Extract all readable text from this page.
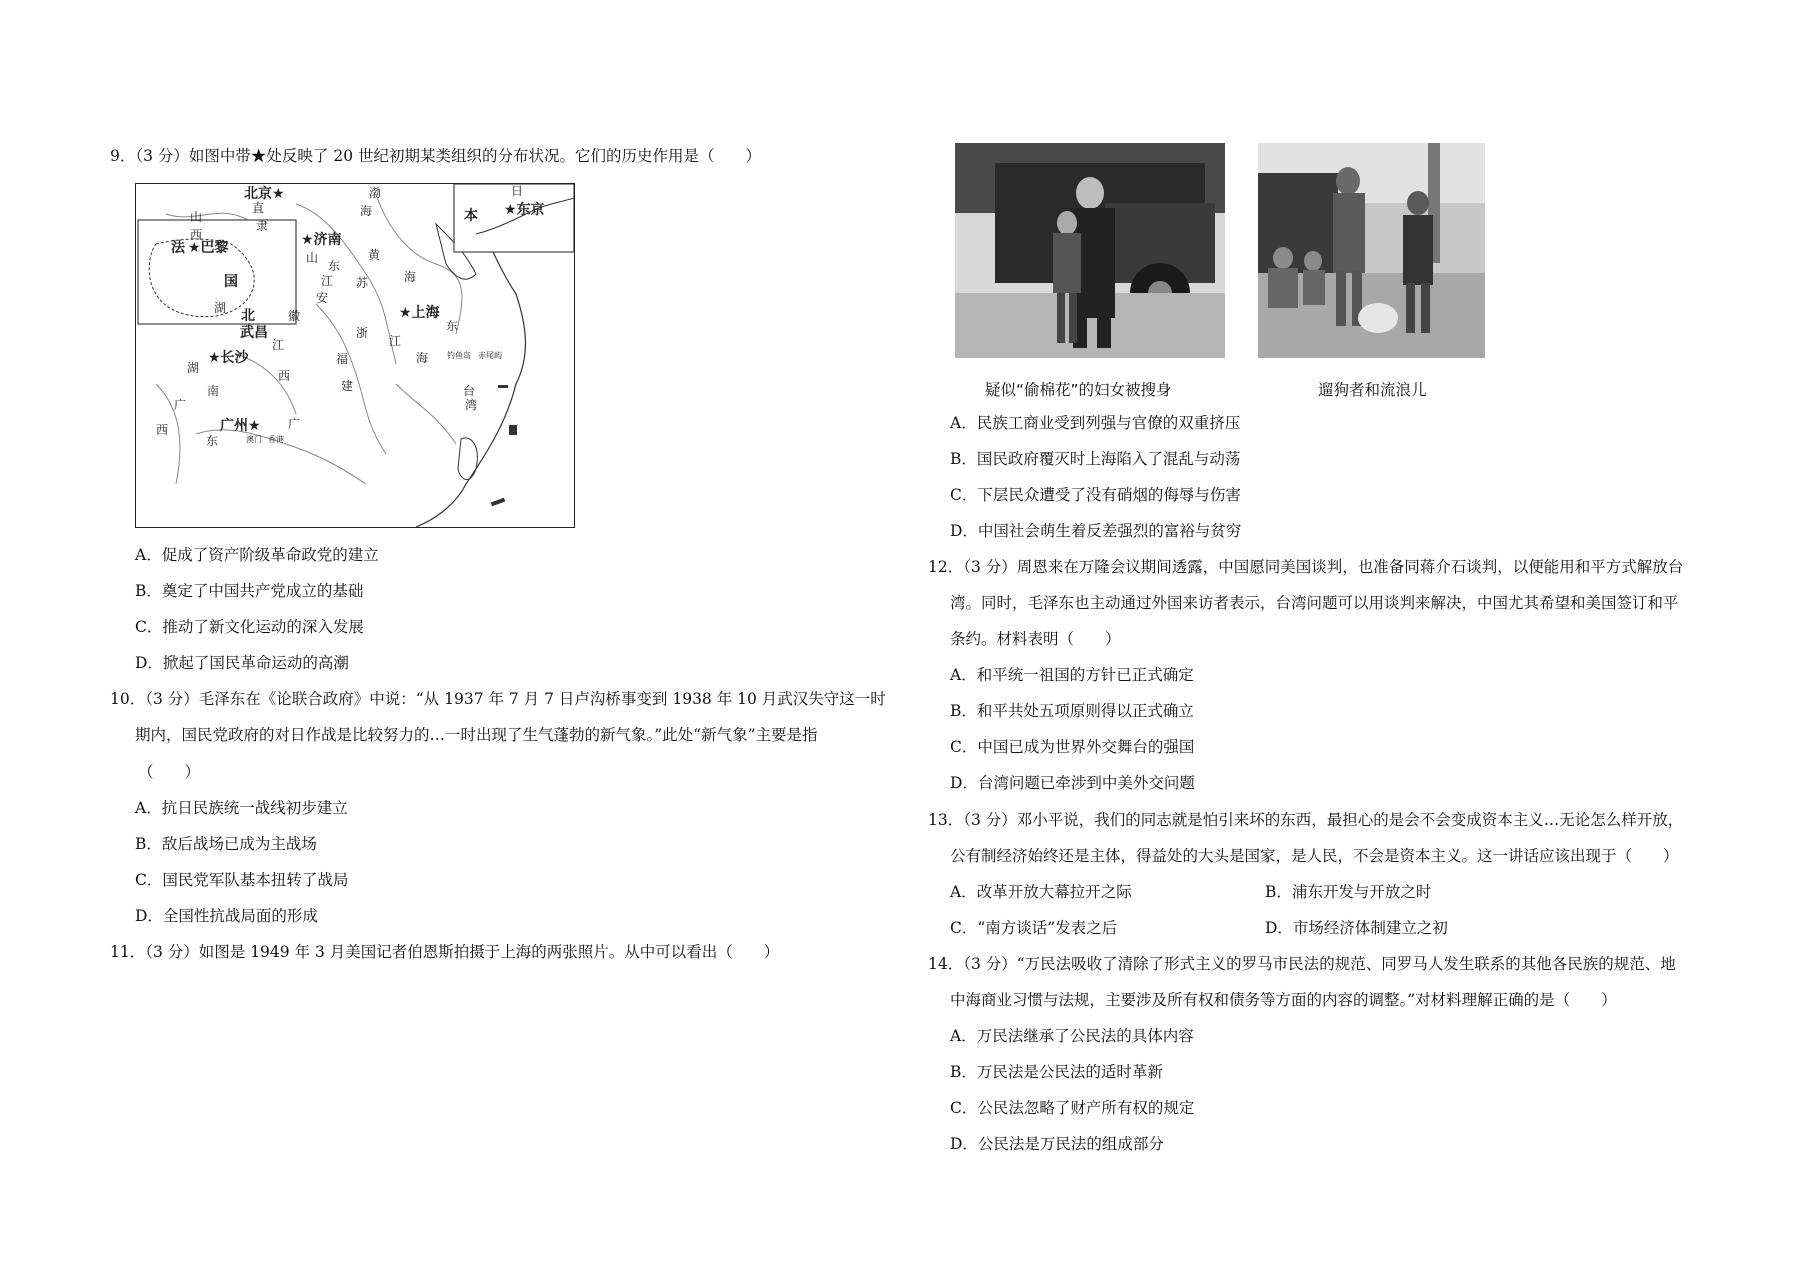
9．（3 分）如图中带★处反映了 20 世纪初期某类组织的分布状况。它们的历史作用是（　　）
北京★	渤
海
直
隶
山
西	★济南
山
东
黄
海
江 苏
安
徽	★上海
日
本 ★东京
法 ★巴黎
国
湖 北
武昌
江
西
浙
江
东
海
湖
南
★长沙	福
建
钓鱼岛 赤尾屿
台
湾
广
西	广州★ 广
东	澳门 香港
A．促成了资产阶级革命政党的建立
B．奠定了中国共产党成立的基础
C．推动了新文化运动的深入发展
D．掀起了国民革命运动的高潮
10．（3 分）毛泽东在《论联合政府》中说：“从 1937 年 7 月 7 日卢沟桥事变到 1938 年 10 月武汉失守这一时
期内，国民党政府的对日作战是比较努力的…一时出现了生气蓬勃的新气象。”此处“新气象”主要是指
（　　）
A．抗日民族统一战线初步建立
B．敌后战场已成为主战场
C．国民党军队基本扭转了战局
D．全国性抗战局面的形成
11．（3 分）如图是 1949 年 3 月美国记者伯恩斯拍摄于上海的两张照片。从中可以看出（　　）
疑似“偷棉花”的妇女被搜身	遛狗者和流浪儿
A．民族工商业受到列强与官僚的双重挤压
B．国民政府覆灭时上海陷入了混乱与动荡
C．下层民众遭受了没有硝烟的侮辱与伤害
D．中国社会萌生着反差强烈的富裕与贫穷
12．（3 分）周恩来在万隆会议期间透露，中国愿同美国谈判，也准备同蒋介石谈判，以便能用和平方式解放台
湾。同时，毛泽东也主动通过外国来访者表示，台湾问题可以用谈判来解决，中国尤其希望和美国签订和平
条约。材料表明（　　）
A．和平统一祖国的方针已正式确定
B．和平共处五项原则得以正式确立
C．中国已成为世界外交舞台的强国
D．台湾问题已牵涉到中美外交问题
13．（3 分）邓小平说，我们的同志就是怕引来坏的东西，最担心的是会不会变成资本主义…无论怎么样开放，
公有制经济始终还是主体，得益处的大头是国家，是人民，不会是资本主义。这一讲话应该出现于（　　）
A．改革开放大幕拉开之际	B．浦东开发与开放之时
C．“南方谈话”发表之后	D．市场经济体制建立之初
14．（3 分）“万民法吸收了清除了形式主义的罗马市民法的规范、同罗马人发生联系的其他各民族的规范、地
中海商业习惯与法规，主要涉及所有权和债务等方面的内容的调整。”对材料理解正确的是（　　）
A．万民法继承了公民法的具体内容
B．万民法是公民法的适时革新
C．公民法忽略了财产所有权的规定
D．公民法是万民法的组成部分
